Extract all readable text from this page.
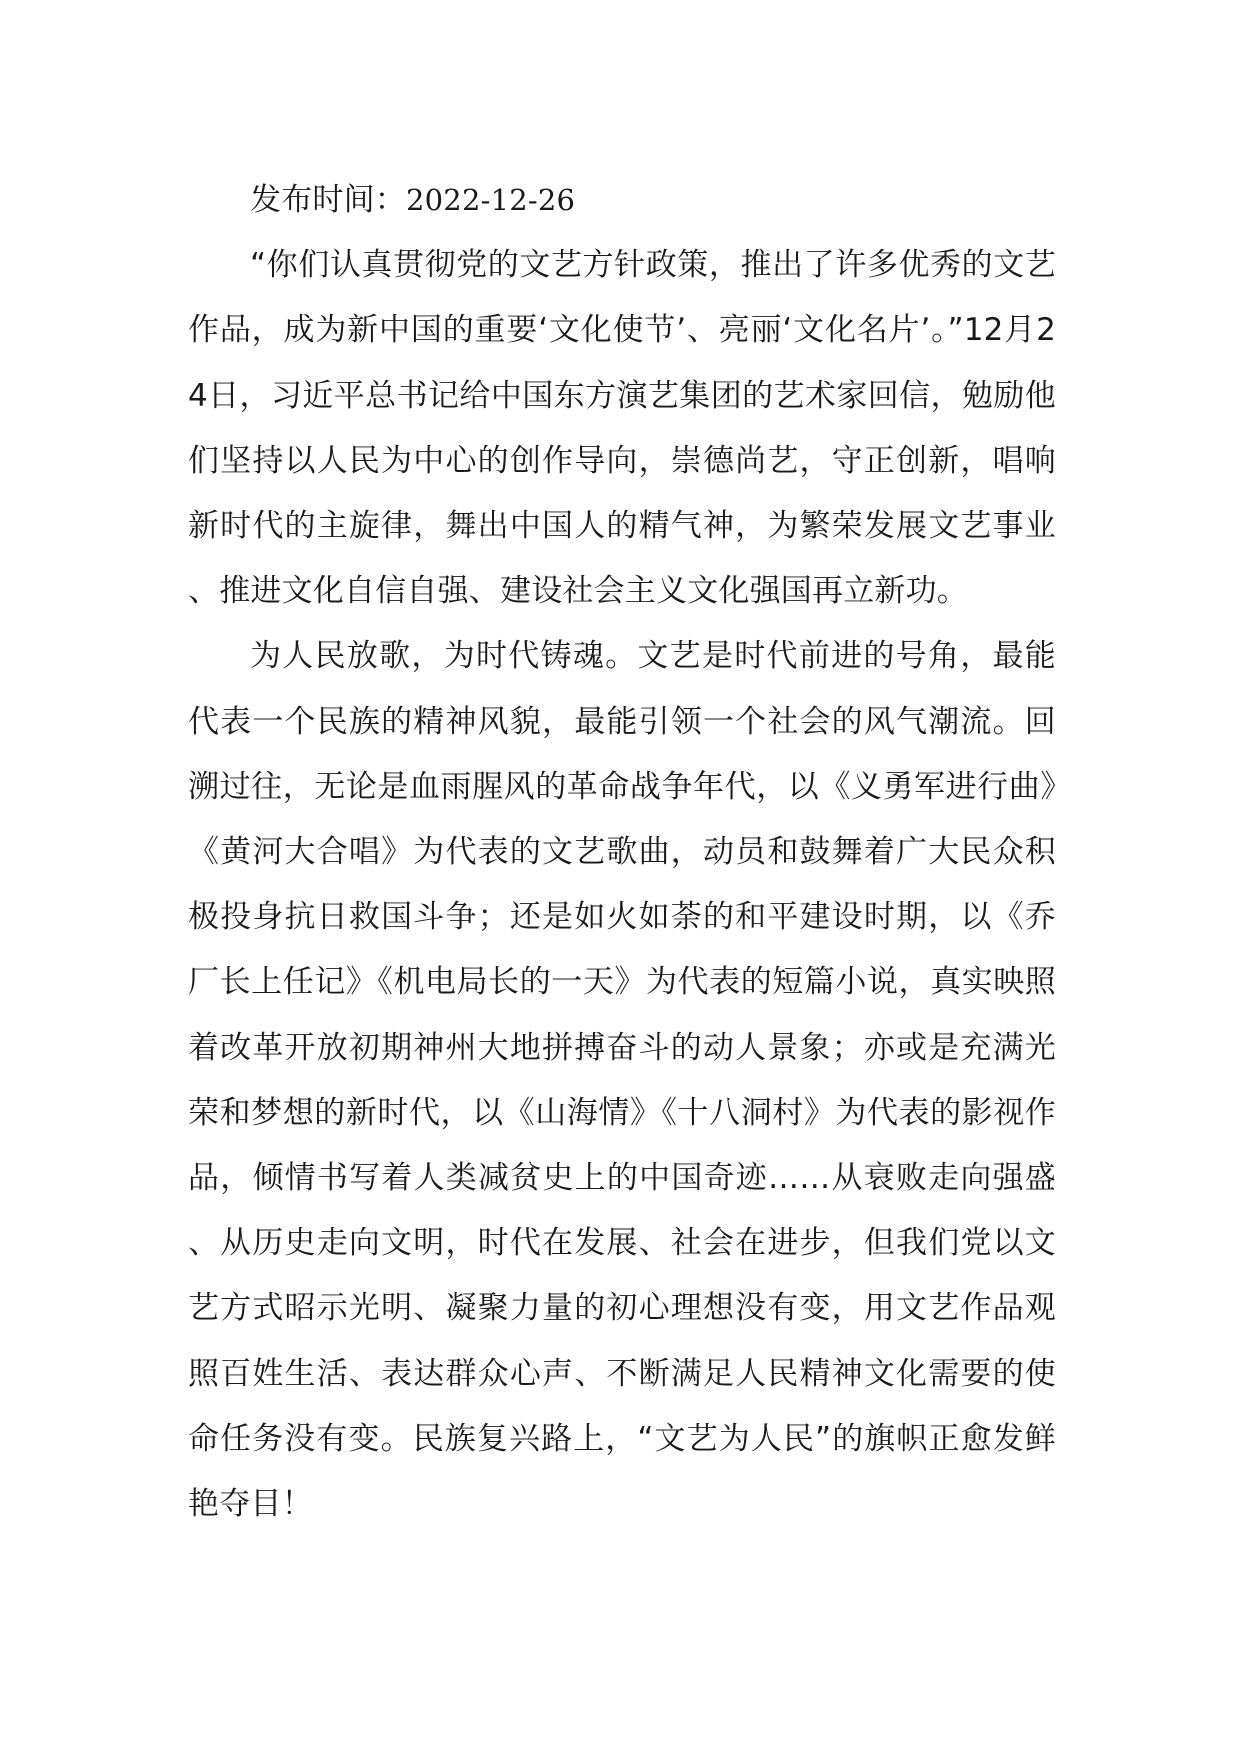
发布时间：2022-12-26

“你们认真贯彻党的文艺方针政策，推出了许多优秀的文艺作品，成为新中国的重要‘文化使节’、亮丽‘文化名片’。”12月24日，习近平总书记给中国东方演艺集团的艺术家回信，勉励他们坚持以人民为中心的创作导向，崇德尚艺，守正创新，唱响新时代的主旋律，舞出中国人的精气神，为繁荣发展文艺事业、推进文化自信自强、建设社会主义文化强国再立新功。

为人民放歌，为时代铸魂。文艺是时代前进的号角，最能代表一个民族的精神风貌，最能引领一个社会的风气潮流。回溯过往，无论是血雨腥风的革命战争年代，以《义勇军进行曲》《黄河大合唱》为代表的文艺歌曲，动员和鼓舞着广大民众积极投身抗日救国斗争；还是如火如荼的和平建设时期，以《乔厂长上任记》《机电局长的一天》为代表的短篇小说，真实映照着改革开放初期神州大地拼搏奋斗的动人景象；亦或是充满光荣和梦想的新时代，以《山海情》《十八洞村》为代表的影视作品，倾情书写着人类减贫史上的中国奇迹……从衰败走向强盛、从历史走向文明，时代在发展、社会在进步，但我们党以文艺方式昭示光明、凝聚力量的初心理想没有变，用文艺作品观照百姓生活、表达群众心声、不断满足人民精神文化需要的使命任务没有变。民族复兴路上，“文艺为人民”的旗帜正愈发鲜艳夺目！
